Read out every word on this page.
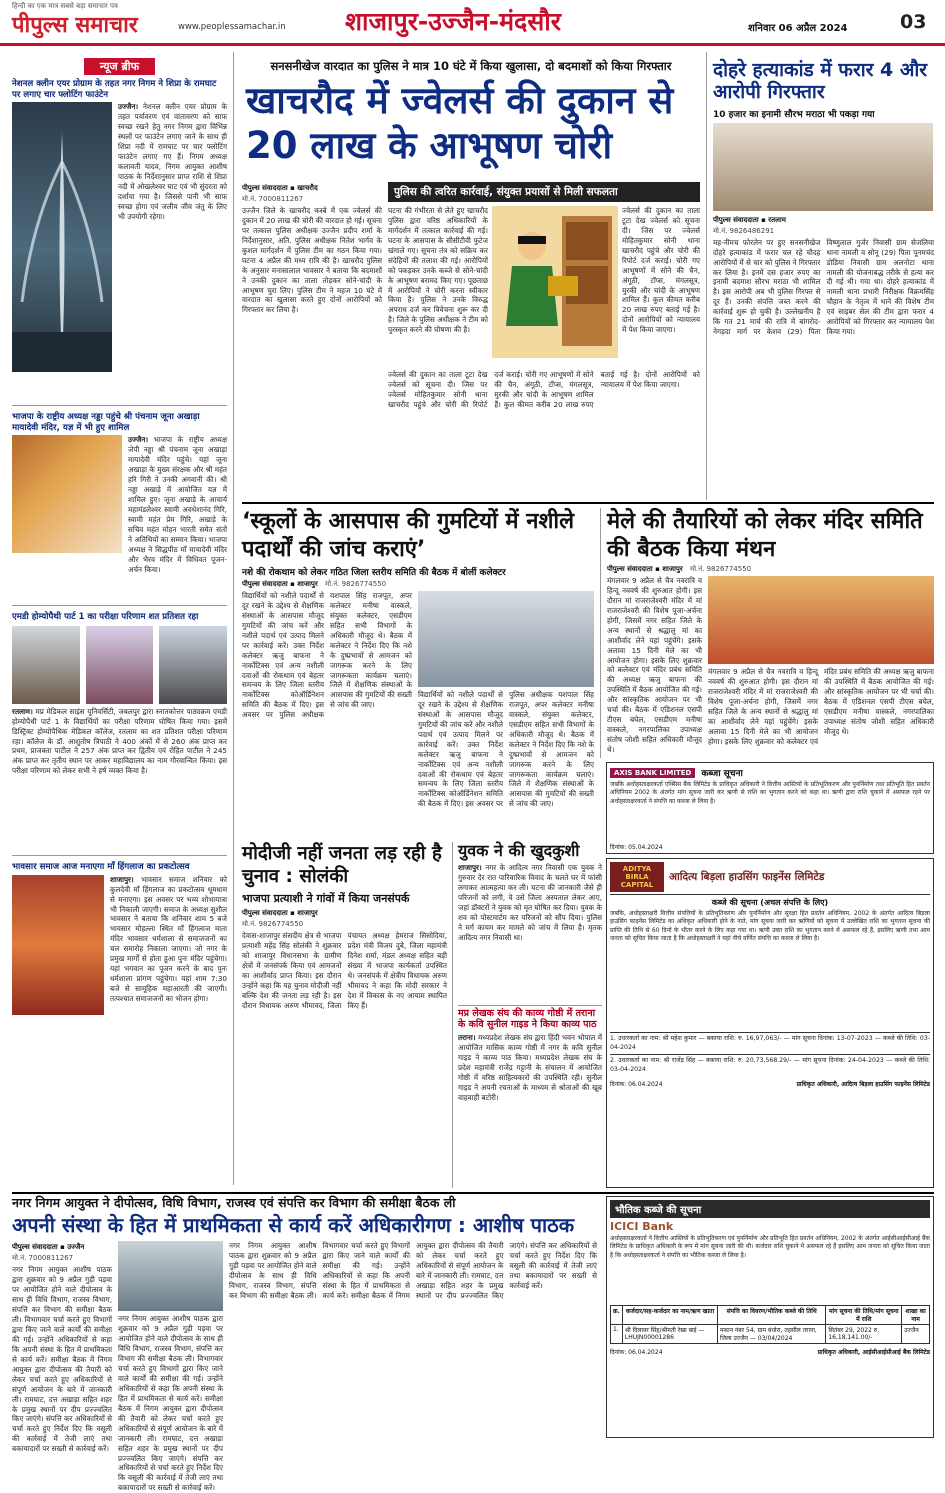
हिन्दी का एक मात्र सबसे बड़ा समाचार पत्र
पीपुल्स समाचार	www.peoplessamachar.in शाजापुर-उज्जैन-मंदसौर	शनिवार 06 अप्रैल 2024	03
न्यूज ब्रीफ
नेशनल क्लीन एयर प्रोग्राम के तहत नगर निगम ने शिप्रा के रामघाट पर लगाए चार फ्लोटिंग फाउंटेन
उज्जैन। नेशनल क्लीन एयर प्रोग्राम के तहत पर्यावरण एवं वातावरण को साफ स्वच्छ रखने हेतु नगर निगम द्वारा विभिन्न स्थलों पर फाउंटेन लगाए जाने के साथ ही शिप्रा नदी में रामघाट पर चार फ्लोटिंग फाउंटेन लगाए गए हैं। निगम अध्यक्ष कलावती यादव, निगम आयुक्त आशीष पाठक के निर्देशानुसार प्राप्त राशि से शिप्रा नदी में ओखलेश्वर घाट एवं भी सुंदरता को दर्शाया गया है। जिससे पानी भी साफ स्वच्छ होगा एवं जलीय जीव जंतु के लिए भी उपयोगी रहेगा।
भाजपा के राष्ट्रीय अध्यक्ष नड्डा पहुंचे श्री पंचनाम जूना अखाड़ा मायादेवी मंदिर, यज्ञ में भी हुए शामिल
उज्जैन। भाजपा के राष्ट्रीय अध्यक्ष जेपी नड्डा श्री पंचनाम जूना अखाड़ा मायादेवी मंदिर पहुंचे। यहां जूना अखाड़ा के मुख्य संरक्षक और श्री महंत हरि गिरी ने उनकी अगवानी की। श्री नड्डा अखाड़े में आयोजित यज्ञ में शामिल हुए। जूना अखाड़े के आचार्य महामंडलेश्वर स्वामी अवधेशानंद गिरि, स्वामी महंत प्रेम गिरि, अखाड़े के सचिव महंत मोहन भारती समेत संतों ने अतिथियों का सम्मान किया। भाजपा अध्यक्ष ने सिद्धपीठ माँ मायादेवी मंदिर और भैरव मंदिर में विधिवत पूजन-अर्चन किया।
एमडी होम्योपैथी पार्ट 1 का परीक्षा परिणाम शत प्रतिशत रहा
रतलाम। मप्र मेडिकल साइंस यूनिवर्सिटी, जबलपुर द्वारा स्नातकोत्तर पाठ्यक्रम एमडी होम्योपैथी पार्ट 1 के विद्यार्थियों का परीक्षा परिणाम घोषित किया गया। इसमें डिस्ट्रिक्ट होम्योपैथिक मेडिकल कॉलेज, रतलाम का शत प्रतिशत परीक्षा परिणाम रहा। कॉलेज के डॉ. आशुतोष त्रिपाठी ने 400 अंकों में से 260 अंक प्राप्त कर प्रथम, प्राजक्ता पाटील ने 257 अंक प्राप्त कर द्वितीय एवं रोहित पाटील ने 245 अंक प्राप्त कर तृतीय स्थान पर आकर महाविद्यालय का नाम गौरवान्वित किया। इस परीक्षा परिणाम को लेकर सभी ने हर्ष व्यक्त किया है।
भावसार समाज आज मनाएगा माँ हिंगलाज का प्रकटोत्सव
शाजापुर। भावसार समाज शनिवार को कुलदेवी माँ हिंगलाज का प्रकटोत्सव धूमधाम से मनाएगा। इस अवसर पर भव्य शोभायात्रा भी निकाली जाएगी। समाज के अध्यक्ष सुशील भावसार ने बताया कि शनिवार शाम 5 बजे भावसार मोहल्ला स्थित माँ हिंगलाज माता मंदिर भावसार धर्मशाला से समाजजनों का चल समारोह निकाला जाएगा। जो नगर के प्रमुख मार्गों से होता हुआ पुनः मंदिर पहुंचेगा। यहां भगवान का पूजन करने के बाद पुनः धर्मशाला प्रांगण पहुंचेगा। यहां शाम 7:30 बजे से सामूहिक महाआरती की जाएगी। तत्पश्चात समाजजनों का भोजन होगा।
सनसनीखेज वारदात का पुलिस ने मात्र 10 घंटे में किया खुलासा, दो बदमाशों को किया गिरफ्तार
खाचरौद में ज्वेलर्स की दुकान से 20 लाख के आभूषण चोरी
पीपुल्स संवाददाता ▪ खाचरौद
मो.नं. 7000811267
उज्जैन जिले के खाचरौद कस्बे में एक ज्वेलर्स की दुकान में 20 लाख की चोरी की वारदात हो गई। सूचना पर तत्काल पुलिस अधीक्षक उज्जैन प्रदीप शर्मा के निर्देशानुसार, अति. पुलिस अधीक्षक नितेश भार्गव के कुशल मार्गदर्शन में पुलिस टीम का गठन किया गया। घटना 4 अप्रैल की मध्य रात्रि की है। खाचरौद पुलिस के अनुसार मनासालाल भावसार ने बताया कि बदमाशों ने उनकी दुकान का ताला तोड़कर सोने-चांदी के आभूषण चुरा लिए। पुलिस टीम ने महज 10 घंटे में वारदात का खुलासा करते हुए दोनों आरोपियों को गिरफ्तार कर लिया है।
पुलिस की त्वरित कार्रवाई, संयुक्त प्रयासों से मिली सफलता
घटना की गंभीरता से लेते हुए खाचरौद पुलिस द्वारा वरिष्ठ अधिकारियों के मार्गदर्शन में तत्काल कार्रवाई की गई। घटना के आसपास के सीसीटीवी फुटेज खंगाले गए। सूचना तंत्र को सक्रिय कर संदेहियों की तलाश की गई। आरोपियों को पकड़कर उनके कब्जे से सोने-चांदी के आभूषण बरामद किए गए। पूछताछ में आरोपियों ने चोरी करना स्वीकार किया है। पुलिस ने उनके विरुद्ध अपराध दर्ज कर विवेचना शुरू कर दी है। जिले के पुलिस अधीक्षक ने टीम को पुरस्कृत करने की घोषणा की है।
ज्वेलर्स की दुकान का ताला टूटा देख ज्वेलर्स को सूचना दी। जिस पर ज्वेलर्स मोहितकुमार सोनी थाना खाचरौद पहुंचे और चोरी की रिपोर्ट दर्ज कराई। चोरी गए आभूषणों में सोने की चैन, अंगूठी, टॉप्स, मंगलसूत्र, मुरकी और चांदी के आभूषण शामिल हैं। कुल कीमत करीब 20 लाख रुपए बताई गई है। दोनों आरोपियों को न्यायालय में पेश किया जाएगा।
ज्वेलर्स की दुकान का ताला टूटा देख ज्वेलर्स को सूचना दी। जिस पर ज्वेलर्स मोहितकुमार सोनी थाना खाचरौद पहुंचे और चोरी की रिपोर्ट दर्ज कराई। चोरी गए आभूषणों में सोने की चैन, अंगूठी, टॉप्स, मंगलसूत्र, मुरकी और चांदी के आभूषण शामिल हैं। कुल कीमत करीब 20 लाख रुपए बताई गई है। दोनों आरोपियों को न्यायालय में पेश किया जाएगा।
दोहरे हत्याकांड में फरार 4 और आरोपी गिरफ्तार
10 हजार का इनामी सौरभ मराठा भी पकड़ा गया
पीपुल्स संवाददाता ▪ रतलाम
मो.नं. 9826486291
मह-नीमच फोरलेन पर हुए सनसनीखेज दोहरे हत्याकांड में फरार चल रहे चौदह आरोपियों में से चार को पुलिस ने गिरफ्तार कर लिया है। इनमें दस हजार रुपए का इनामी बदमाश सौरभ मराठा भी शामिल है। इस आरोपी अब भी पुलिस गिरफ्त से दूर हैं। उनकी संपत्ति जब्त करने की कार्रवाई शुरू हो चुकी है। उल्लेखनीय है कि गत 21 मार्च की रात्रि में बांगरोद-नेगड़दा मार्ग पर केशव (29) पिता विष्णुलाल गुर्जर निवासी ग्राम सेजलिया थाना नामली व सोनू (29) पिता पूनमचंद डोडिया निवासी ग्राम अलनोटा थाना नामली की योजनाबद्ध तरीके से हत्या कर दी गई थी। गया था। दोहरे हत्याकांड में नामली थाना प्रभारी निरीक्षक विक्रमसिंह चौहान के नेतृत्व में थाने की विशेष टीम एवं साइबर सेल की टीम द्वारा फरार 4 आरोपियों को गिरफ्तार कर न्यायालय पेश किया गया।
‘स्कूलों के आसपास की गुमटियों में नशीले पदार्थों की जांच कराएं’
नशे की रोकथाम को लेकर गठित जिला स्तरीय समिति की बैठक में बोलीं कलेक्टर
पीपुल्स संवाददाता ▪ शाजापुर मो.नं. 9826774550
विद्यार्थियों को नशीले पदार्थों से दूर रखने के उद्देश्य से शैक्षणिक संस्थाओं के आसपास मौजूद गुमटियों की जांच करें और नशीले पदार्थ एवं उत्पाद मिलने पर कार्रवाई करें। उक्त निर्देश कलेक्टर ऋजु बाफना ने नार्कोटिक्स एवं अन्य नशीली दवाओं की रोकथाम एवं बेहतर समन्वय के लिए जिला स्तरीय नार्कोटिक्स कोऑर्डिनेशन समिति की बैठक में दिए। इस अवसर पर पुलिस अधीक्षक यशपाल सिंह राजपूत, अपर कलेक्टर मनीषा वास्कले, संयुक्त कलेक्टर, एसडीएम सहित सभी विभागों के अधिकारी मौजूद थे। बैठक में कलेक्टर ने निर्देश दिए कि नशे के दुष्प्रभावों से आमजन को जागरूक करने के लिए जागरूकता कार्यक्रम चलाएं। जिले में शैक्षणिक संस्थाओं के आसपास की गुमटियों की सख्ती से जांच की जाए।
विद्यार्थियों को नशीले पदार्थों से दूर रखने के उद्देश्य से शैक्षणिक संस्थाओं के आसपास मौजूद गुमटियों की जांच करें और नशीले पदार्थ एवं उत्पाद मिलने पर कार्रवाई करें। उक्त निर्देश कलेक्टर ऋजु बाफना ने नार्कोटिक्स एवं अन्य नशीली दवाओं की रोकथाम एवं बेहतर समन्वय के लिए जिला स्तरीय नार्कोटिक्स कोऑर्डिनेशन समिति की बैठक में दिए। इस अवसर पर पुलिस अधीक्षक यशपाल सिंह राजपूत, अपर कलेक्टर मनीषा वास्कले, संयुक्त कलेक्टर, एसडीएम सहित सभी विभागों के अधिकारी मौजूद थे। बैठक में कलेक्टर ने निर्देश दिए कि नशे के दुष्प्रभावों से आमजन को जागरूक करने के लिए जागरूकता कार्यक्रम चलाएं। जिले में शैक्षणिक संस्थाओं के आसपास की गुमटियों की सख्ती से जांच की जाए।
मेले की तैयारियों को लेकर मंदिर समिति की बैठक किया मंथन
पीपुल्स संवाददाता ▪ शाजापुर मो.नं. 9826774550
मंगलवार 9 अप्रैल से चैत्र नवरात्रि व हिन्दू नववर्ष की शुरुआत होगी। इस दौरान मां राजराजेश्वरी मंदिर में मां राजराजेश्वरी की विशेष पूजा-अर्चना होगी, जिसमें नगर सहित जिले के अन्य स्थानों से श्रद्धालु मां का आशीर्वाद लेने यहां पहुंचेंगे। इसके अलावा 15 दिनी मेले का भी आयोजन होगा। इसके लिए शुक्रवार को कलेक्टर एवं मंदिर प्रबंध समिति की अध्यक्ष ऋजु बाफना की उपस्थिति में बैठक आयोजित की गई। और सांस्कृतिक आयोजन पर भी चर्चा की। बैठक में एडिशनल एसपी टीएस बघेल, एसडीएम मनीषा वास्कले, नगरपालिका उपाध्यक्ष संतोष जोशी सहित अधिकारी मौजूद थे।
मंगलवार 9 अप्रैल से चैत्र नवरात्रि व हिन्दू नववर्ष की शुरुआत होगी। इस दौरान मां राजराजेश्वरी मंदिर में मां राजराजेश्वरी की विशेष पूजा-अर्चना होगी, जिसमें नगर सहित जिले के अन्य स्थानों से श्रद्धालु मां का आशीर्वाद लेने यहां पहुंचेंगे। इसके अलावा 15 दिनी मेले का भी आयोजन होगा। इसके लिए शुक्रवार को कलेक्टर एवं मंदिर प्रबंध समिति की अध्यक्ष ऋजु बाफना की उपस्थिति में बैठक आयोजित की गई। और सांस्कृतिक आयोजन पर भी चर्चा की। बैठक में एडिशनल एसपी टीएस बघेल, एसडीएम मनीषा वास्कले, नगरपालिका उपाध्यक्ष संतोष जोशी सहित अधिकारी मौजूद थे।
AXIS BANK LIMITED	कब्जा सूचना

जबकि अधोहस्ताक्षरकर्ता एक्सिस बैंक लिमिटेड के प्राधिकृत अधिकारी ने वित्तीय आस्तियों के प्रतिभूतिकरण और पुनर्निर्माण तथा प्रतिभूति हित प्रवर्तन अधिनियम 2002 के अंतर्गत मांग सूचना जारी कर ऋणी से राशि का भुगतान करने को कहा था। ऋणी द्वारा राशि चुकाने में असफल रहने पर अधोहस्ताक्षरकर्ता ने संपत्ति का कब्जा ले लिया है।

दिनांक: 05.04.2024

ADITYA BIRLA CAPITAL
आदित्य बिड़ला हाउसिंग फाइनेंस लिमिटेड

कब्जे की सूचना (अचल संपत्ति के लिए)

जबकि, अधोहस्ताक्षरी वित्तीय संपत्तियों के प्रतिभूतिकरण और पुनर्निर्माण और सुरक्षा हित प्रवर्तन अधिनियम, 2002 के अंतर्गत आदित्य बिड़ला हाउसिंग फाइनेंस लिमिटेड का अधिकृत अधिकारी होने के नाते, मांग सूचना जारी कर ऋणियों को सूचना में उल्लेखित राशि का भुगतान सूचना की प्राप्ति की तिथि से 60 दिनों के भीतर करने के लिए कहा गया था। ऋणी उक्त राशि का भुगतान करने में असफल रहे हैं, इसलिए ऋणी तथा आम जनता को सूचित किया जाता है कि अधोहस्ताक्षरी ने यहां नीचे वर्णित संपत्ति का कब्जा ले लिया है।

1. उधारकर्ता का नाम: श्री महेश कुमार — बकाया राशि: रु. 16,97,063/- — मांग सूचना दिनांक: 13-07-2023 — कब्जे की तिथि: 03-04-2024

2. उधारकर्ता का नाम: श्री राजेंद्र सिंह — बकाया राशि: रु. 20,73,568.29/- — मांग सूचना दिनांक: 24-04-2023 — कब्जे की तिथि: 03-04-2024

दिनांक: 06.04.2024	प्राधिकृत अधिकारी, आदित्य बिड़ला हाउसिंग फाइनेंस लिमिटेड
मोदीजी नहीं जनता लड़ रही है चुनाव : सोलंकी
भाजपा प्रत्याशी ने गांवों में किया जनसंपर्क
पीपुल्स संवाददाता ▪ शाजापुर
मो.नं. 9826774550
देवास-शाजापुर संसदीय क्षेत्र से भाजपा प्रत्याशी महेंद्र सिंह सोलंकी ने शुक्रवार को शाजापुर विधानसभा के ग्रामीण क्षेत्रों में जनसंपर्क किया एवं आमजनों का आशीर्वाद प्राप्त किया। इस दौरान उन्होंने कहा कि यह चुनाव मोदीजी नहीं बल्कि देश की जनता लड़ रही है। इस दौरान विधायक अरुण भीमावद, जिला पंचायत अध्यक्ष हेमराज सिसोदिया, प्रदेश मंत्री विजय दुबे, जिला महामंत्री दिनेश शर्मा, मंडल अध्यक्ष सहित बड़ी संख्या में भाजपा कार्यकर्ता उपस्थित थे। जनसंपर्क में क्षेत्रीय विधायक अरुण भीमावद ने कहा कि मोदी सरकार ने देश में विकास के नए आयाम स्थापित किए हैं।
युवक ने की खुदकुशी
शाजापुर। नगर के आदित्य नगर निवासी एक युवक ने गुरुवार देर रात पारिवारिक विवाद के चलते घर में फांसी लगाकर आत्महत्या कर ली। घटना की जानकारी जैसे ही परिजनों को लगी, वे उसे जिला अस्पताल लेकर आए, जहां डॉक्टरों ने युवक को मृत घोषित कर दिया। युवक के शव को पोस्टमार्टम कर परिजनों को सौंप दिया। पुलिस ने मर्ग कायम कर मामले को जांच में लिया है। मृतक आदित्य नगर निवासी था।
मप्र लेखक संघ की काव्य गोष्ठी में तराना के कवि सुनील गाइड ने किया काव्य पाठ
तराना। मध्यप्रदेश लेखक संघ द्वारा हिंदी भवन भोपाल में आयोजित मासिक काव्य गोष्ठी में नगर के कवि सुनील गाइड ने काव्य पाठ किया। मध्यप्रदेश लेखक संघ के प्रदेश महामंत्री राजेंद्र गट्टानी के संचालन में आयोजित गोष्ठी में वरिष्ठ साहित्यकारों की उपस्थिति रही। सुनील गाइड ने अपनी रचनाओं के माध्यम से श्रोताओं की खूब वाहवाही बटोरी।
नगर निगम आयुक्त ने दीपोत्सव, विधि विभाग, राजस्व एवं संपत्ति कर विभाग की समीक्षा बैठक ली
अपनी संस्था के हित में प्राथमिकता से कार्य करें अधिकारीगण : आशीष पाठक
पीपुल्स संवाददाता ▪ उज्जैन
मो.नं. 7000811267
नगर निगम आयुक्त आशीष पाठक द्वारा शुक्रवार को 9 अप्रैल गुड़ी पड़वा पर आयोजित होने वाले दीपोत्सव के साथ ही विधि विभाग, राजस्व विभाग, संपत्ति कर विभाग की समीक्षा बैठक ली। विभागवार चर्चा करते हुए विभागों द्वारा किए जाने वाले कार्यों की समीक्षा की गई। उन्होंने अधिकारियों से कहा कि अपनी संस्था के हित में प्राथमिकता से कार्य करें। समीक्षा बैठक में निगम आयुक्त द्वारा दीपोत्सव की तैयारी को लेकर चर्चा करते हुए अधिकारियों से संपूर्ण आयोजन के बारे में जानकारी ली। रामघाट, दत्त अखाड़ा सहित शहर के प्रमुख स्थानों पर दीप प्रज्ज्वलित किए जाएंगे। संपत्ति कर अधिकारियों से चर्चा करते हुए निर्देश दिए कि वसूली की कार्रवाई में तेजी लाएं तथा बकायादारों पर सख्ती से कार्रवाई करें।
नगर निगम आयुक्त आशीष पाठक द्वारा शुक्रवार को 9 अप्रैल गुड़ी पड़वा पर आयोजित होने वाले दीपोत्सव के साथ ही विधि विभाग, राजस्व विभाग, संपत्ति कर विभाग की समीक्षा बैठक ली। विभागवार चर्चा करते हुए विभागों द्वारा किए जाने वाले कार्यों की समीक्षा की गई। उन्होंने अधिकारियों से कहा कि अपनी संस्था के हित में प्राथमिकता से कार्य करें। समीक्षा बैठक में निगम आयुक्त द्वारा दीपोत्सव की तैयारी को लेकर चर्चा करते हुए अधिकारियों से संपूर्ण आयोजन के बारे में जानकारी ली। रामघाट, दत्त अखाड़ा सहित शहर के प्रमुख स्थानों पर दीप प्रज्ज्वलित किए जाएंगे। संपत्ति कर अधिकारियों से चर्चा करते हुए निर्देश दिए कि वसूली की कार्रवाई में तेजी लाएं तथा बकायादारों पर सख्ती से कार्रवाई करें।
नगर निगम आयुक्त आशीष पाठक द्वारा शुक्रवार को 9 अप्रैल गुड़ी पड़वा पर आयोजित होने वाले दीपोत्सव के साथ ही विधि विभाग, राजस्व विभाग, संपत्ति कर विभाग की समीक्षा बैठक ली। विभागवार चर्चा करते हुए विभागों द्वारा किए जाने वाले कार्यों की समीक्षा की गई। उन्होंने अधिकारियों से कहा कि अपनी संस्था के हित में प्राथमिकता से कार्य करें। समीक्षा बैठक में निगम आयुक्त द्वारा दीपोत्सव की तैयारी को लेकर चर्चा करते हुए अधिकारियों से संपूर्ण आयोजन के बारे में जानकारी ली। रामघाट, दत्त अखाड़ा सहित शहर के प्रमुख स्थानों पर दीप प्रज्ज्वलित किए जाएंगे। संपत्ति कर अधिकारियों से चर्चा करते हुए निर्देश दिए कि वसूली की कार्रवाई में तेजी लाएं तथा बकायादारों पर सख्ती से कार्रवाई करें।
भौतिक कब्जे की सूचना
ICICI Bank

अधोहस्ताक्षरकर्ता ने वित्तीय आस्तियों के प्रतिभूतिकरण एवं पुनर्निर्माण और प्रतिभूति हित प्रवर्तन अधिनियम, 2002 के अंतर्गत आईसीआईसीआई बैंक लिमिटेड के प्राधिकृत अधिकारी के रूप में मांग सूचना जारी की थी। कर्जदार राशि चुकाने में असफल रहे हैं इसलिए आम जनता को सूचित किया जाता है कि अधोहस्ताक्षरकर्ता ने संपत्ति का भौतिक कब्जा ले लिया है।

क्र.	कर्जदार/सह-कर्जदार का नाम/ऋण खाता	संपत्ति का विवरण/भौतिक कब्जे की तिथि	मांग सूचना की तिथि/मांग सूचना में राशि	शाखा का नाम
1.	श्री दिलावर सिंह/श्रीमती रेखा बाई — LHUJN00001286	मकान नंबर 54, ग्राम बंधोरा, तहसील तराना, जिला उज्जैन — 03/04/2024	सितंबर 29, 2022 रु. 16,18,141.00/-	उज्जैन
दिनांक: 06.04.2024	प्राधिकृत अधिकारी, आईसीआईसीआई बैंक लिमिटेड
